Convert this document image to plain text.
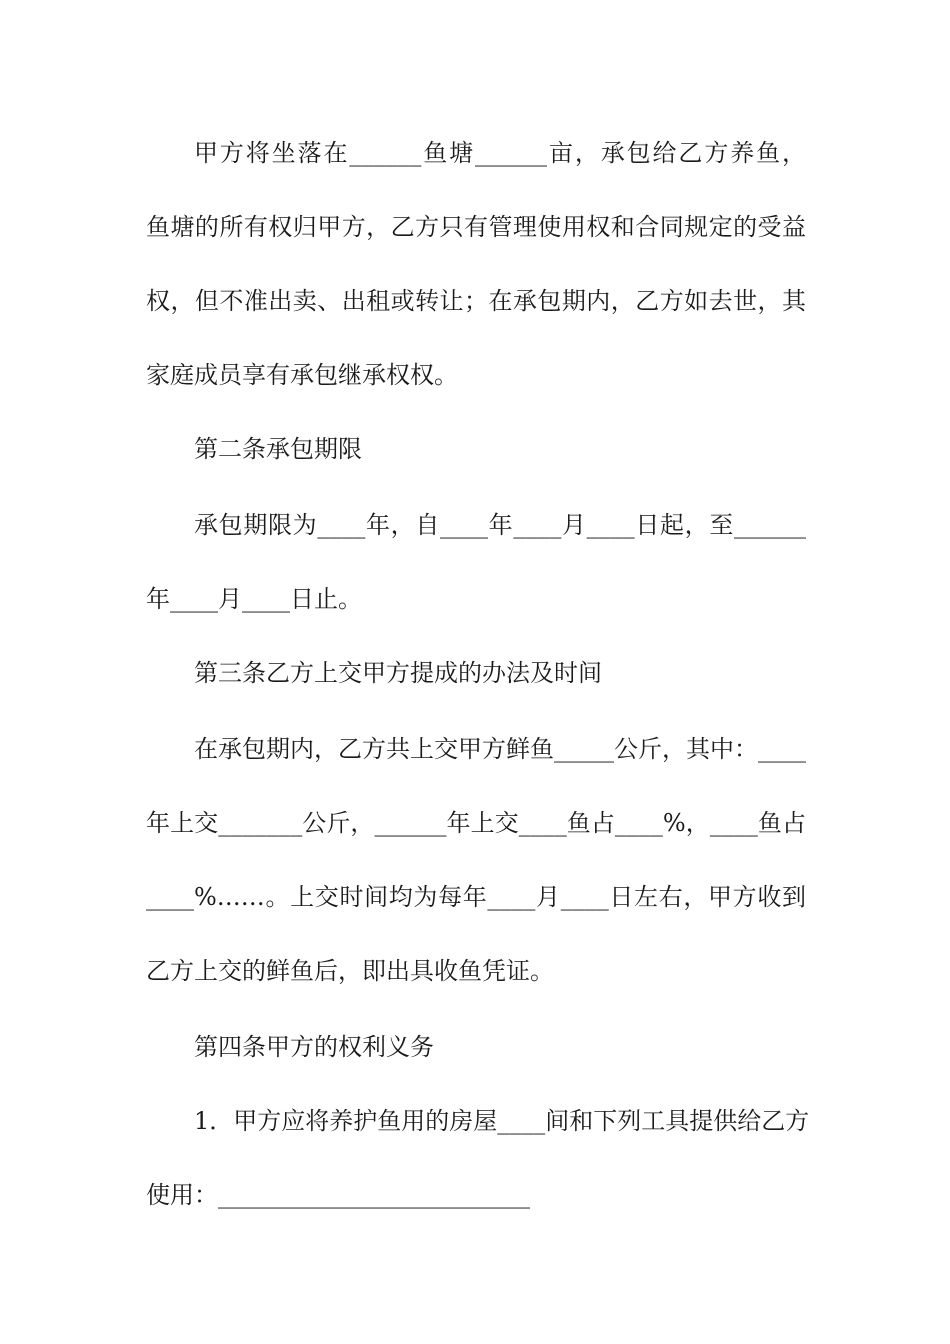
甲方将坐落在______鱼塘______亩，承包给乙方养鱼，
鱼塘的所有权归甲方，乙方只有管理使用权和合同规定的受益
权，但不准出卖、出租或转让；在承包期内，乙方如去世，其
家庭成员享有承包继承权权。
第二条承包期限
承包期限为____年，自____年____月____日起，至______
年____月____日止。
第三条乙方上交甲方提成的办法及时间
在承包期内，乙方共上交甲方鲜鱼_____公斤，其中：____
年上交_______公斤，______年上交____鱼占____%，____鱼占
____%……。上交时间均为每年____月____日左右，甲方收到
乙方上交的鲜鱼后，即出具收鱼凭证。
第四条甲方的权利义务
1．甲方应将养护鱼用的房屋____间和下列工具提供给乙方
使用：__________________________
